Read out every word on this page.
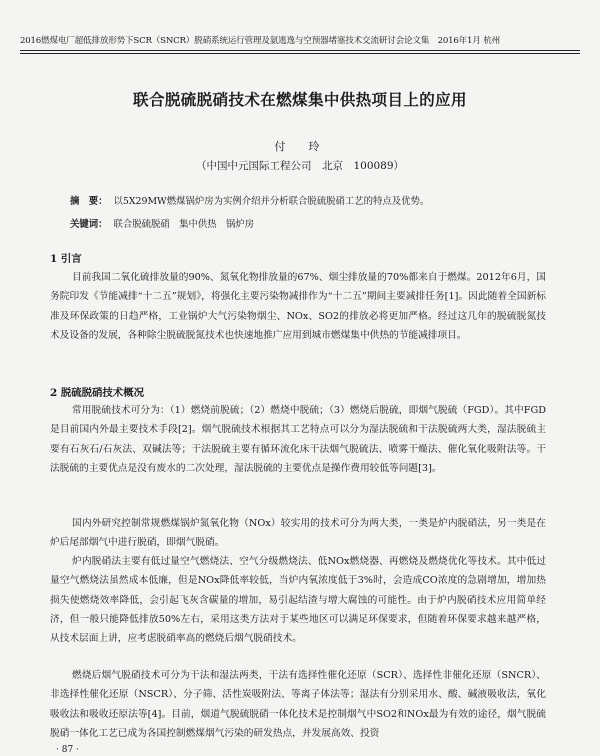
2016燃煤电厂超低排放形势下SCR（SNCR）脱硝系统运行管理及氨逃逸与空预器堵塞技术交流研讨会论文集　2016年1月 杭州
联合脱硫脱硝技术在燃煤集中供热项目上的应用
付　玲
（中国中元国际工程公司　北京　100089）
摘　要： 以5X29MW燃煤锅炉房为实例介绍并分析联合脱硫脱硝工艺的特点及优势。
关键词： 联合脱硫脱硝　集中供热　锅炉房
1 引言
目前我国二氧化硫排放量的90%、氮氧化物排放量的67%、烟尘排放量的70%都来自于燃煤。2012年6月，国务院印发《节能减排“十二五”规划》，将强化主要污染物减排作为“十二五”期间主要减排任务[1]。因此随着全国新标准及环保政策的日趋严格，工业锅炉大气污染物烟尘、NOx、SO2的排放必将更加严格。经过这几年的脱硫脱氮技术及设备的发展，各种除尘脱硫脱氮技术也快速地推广应用到城市燃煤集中供热的节能减排项目。
2 脱硫脱硝技术概况
常用脱硫技术可分为：（1）燃烧前脱硫；（2）燃烧中脱硫；（3）燃烧后脱硫，即烟气脱硫（FGD）。其中FGD是目前国内外最主要技术手段[2]。烟气脱硫技术根据其工艺特点可以分为湿法脱硫和干法脱硫两大类，湿法脱硫主要有石灰石/石灰法、双碱法等；干法脱硫主要有循环流化床干法烟气脱硫法、喷雾干燥法、催化氧化吸附法等。干法脱硫的主要优点是没有废水的二次处理，湿法脱硫的主要优点是操作费用较低等问题[3]。
国内外研究控制常规燃煤锅炉氮氧化物（NOx）较实用的技术可分为两大类，一类是炉内脱硝法，另一类是在炉后尾部烟气中进行脱硝，即烟气脱硝。
炉内脱硝法主要有低过量空气燃烧法、空气分级燃烧法、低NOx燃烧器、再燃烧及燃烧优化等技术。其中低过量空气燃烧法虽然成本低廉，但是NOx降低率较低，当炉内氧浓度低于3%时，会造成CO浓度的急剧增加，增加热损失使燃烧效率降低，会引起飞灰含碳量的增加，易引起结渣与增大腐蚀的可能性。由于炉内脱硝技术应用简单经济，但一般只能降低排放50%左右，采用这类方法对于某些地区可以满足环保要求，但随着环保要求越来越严格，从技术层面上讲，应考虑脱硝率高的燃烧后烟气脱硝技术。
燃烧后烟气脱硝技术可分为干法和湿法两类，干法有选择性催化还原（SCR）、选择性非催化还原（SNCR）、非选择性催化还原（NSCR）、分子筛、活性炭吸附法、等离子体法等；湿法有分别采用水、酸、碱液吸收法，氧化吸收法和吸收还原法等[4]。目前，烟道气脱硫脱硝一体化技术是控制烟气中SO2和NOx最为有效的途径，烟气脱硫脱硝一体化工艺已成为各国控制燃煤烟气污染的研发热点，并发展高效、投资
· 87 ·
